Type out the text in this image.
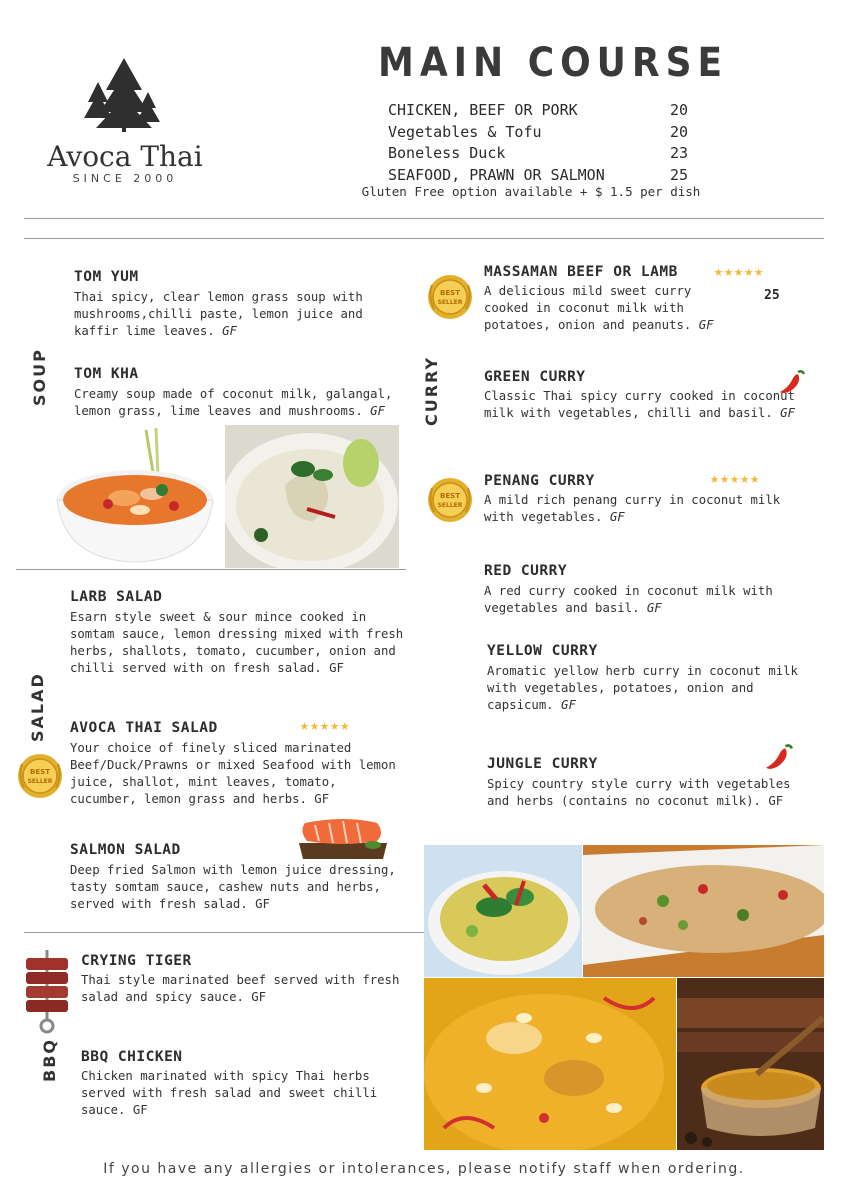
Avoca Thai
SINCE 2000
MAIN COURSE
CHICKEN, BEEF OR PORK	20
Vegetables & Tofu	20
Boneless Duck	23
SEAFOOD, PRAWN OR SALMON	25
Gluten Free option available + $ 1.5 per dish
SOUP
TOM YUM
Thai spicy, clear lemon grass soup with mushrooms,chilli paste, lemon juice and kaffir lime leaves. GF
TOM KHA
Creamy soup made of coconut milk, galangal, lemon grass, lime leaves and mushrooms. GF
SALAD
LARB SALAD
Esarn style sweet & sour mince cooked in somtam sauce, lemon dressing mixed with fresh herbs, shallots, tomato, cucumber, onion and chilli served with on fresh salad. GF
AVOCA THAI SALAD	★★★★★
Your choice of finely sliced marinated Beef/Duck/Prawns or mixed Seafood with lemon juice, shallot, mint leaves, tomato, cucumber, lemon grass and herbs. GF
BEST
SELLER
SALMON SALAD
Deep fried Salmon with lemon juice dressing, tasty somtam sauce, cashew nuts and herbs, served with fresh salad. GF
BBQ
CRYING TIGER
Thai style marinated beef served with fresh salad and spicy sauce. GF
BBQ CHICKEN
Chicken marinated with spicy Thai herbs served with fresh salad and sweet chilli sauce. GF
CURRY
BEST
SELLER
MASSAMAN BEEF OR LAMB ★★★★★
25
A delicious mild sweet curry cooked in coconut milk with potatoes, onion and peanuts. GF
GREEN CURRY
Classic Thai spicy curry cooked in coconut milk with vegetables, chilli and basil. GF
BEST
SELLER
PENANG CURRY	★★★★★
A mild rich penang curry in coconut milk with vegetables. GF
RED CURRY
A red curry cooked in coconut milk with vegetables and basil. GF
YELLOW CURRY
Aromatic yellow herb curry in coconut milk with vegetables, potatoes, onion and capsicum. GF
JUNGLE CURRY
Spicy country style curry with vegetables and herbs (contains no coconut milk). GF
If you have any allergies or intolerances, please notify staff when ordering.
